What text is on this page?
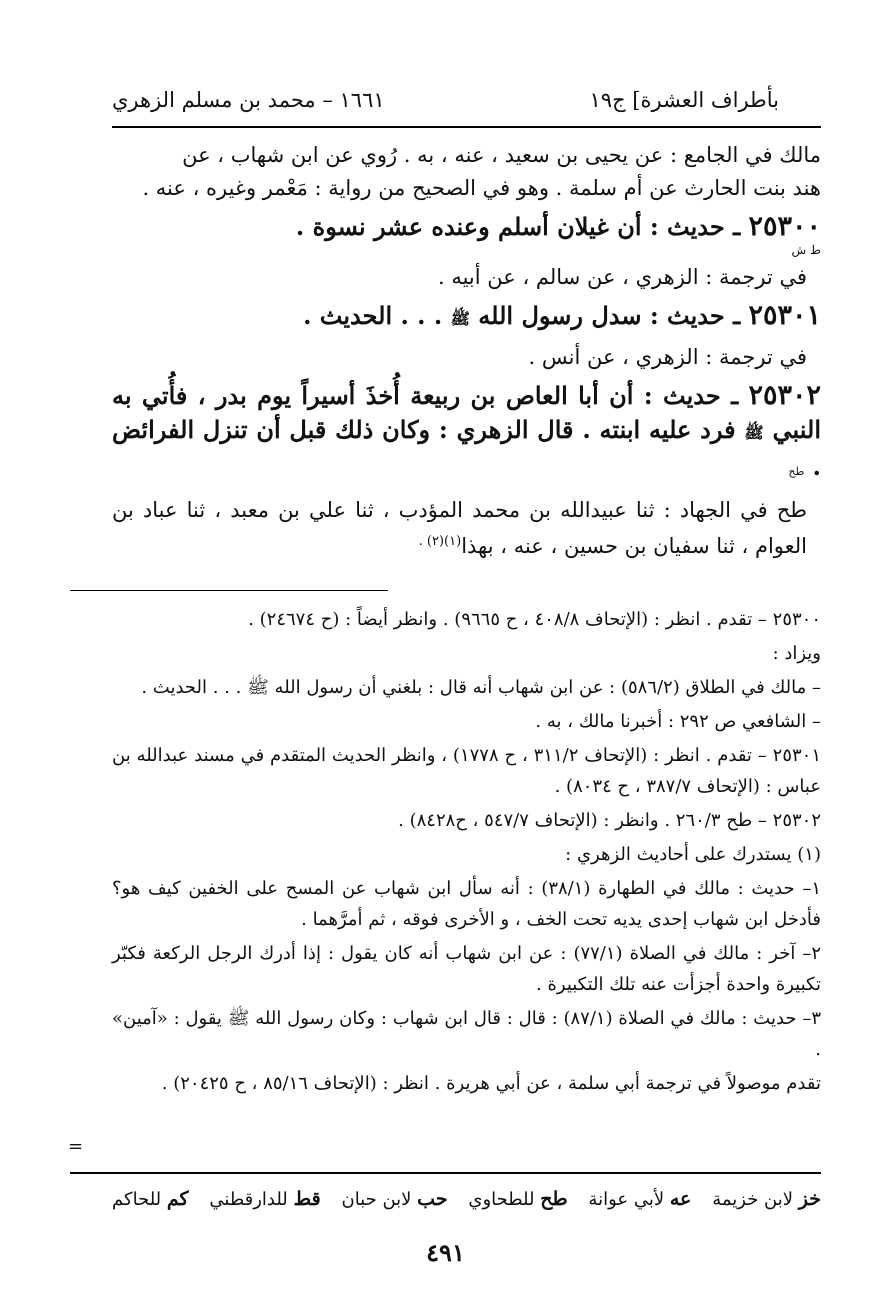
بأطراف العشرة] ج١٩
١٦٦١ – محمد بن مسلم الزهري

مالك في الجامع : عن يحيى بن سعيد ، عنه ، به . رُوي عن ابن شهاب ، عن

هند بنت الحارث عن أم سلمة . وهو في الصحيح من رواية : مَعْمر وغيره ، عنه .

٢٥٣٠٠ ـ حديث : أن غيلان أسلم وعنده عشر نسوة .
ط ش

في ترجمة : الزهري ، عن سالم ، عن أبيه .

٢٥٣٠١ ـ حديث : سدل رسول الله ﷺ . . . الحديث .

في ترجمة : الزهري ، عن أنس .

٢٥٣٠٢ ـ حديث : أن أبا العاص بن ربيعة أُخذَ أسيراً يوم بدر ، فأُتي به النبي ﷺ فرد عليه ابنته . قال الزهري : وكان ذلك قبل أن تنزل الفرائض . طح

طح في الجهاد : ثنا عبيدالله بن محمد المؤدب ، ثنا علي بن معبد ، ثنا عباد بن العوام ، ثنا سفيان بن حسين ، عنه ، بهذا$^{(١)(٢) .}$

٢٥٣٠٠ – تقدم . انظر : (الإتحاف ٤٠٨/٨ ، ح ٩٦٦٥) . وانظر أيضاً : (ح ٢٤٦٧٤) .

ويزاد :

– مالك في الطلاق (٥٨٦/٢) : عن ابن شهاب أنه قال : بلغني أن رسول الله ﷺ . . . الحديث .

– الشافعي ص ٢٩٢ : أخبرنا مالك ، به .

٢٥٣٠١ – تقدم . انظر : (الإتحاف ٣١١/٢ ، ح ١٧٧٨) ، وانظر الحديث المتقدم في مسند عبدالله بن عباس : (الإتحاف ٣٨٧/٧ ، ح ٨٠٣٤) .

٢٥٣٠٢ – طح ٢٦٠/٣ . وانظر : (الإتحاف ٥٤٧/٧ ، ح٨٤٢٨) .

(١) يستدرك على أحاديث الزهري :

١– حديث : مالك في الطهارة (٣٨/١) : أنه سأل ابن شهاب عن المسح على الخفين كيف هو؟ فأدخل ابن شهاب إحدى يديه تحت الخف ، و الأخرى فوقه ، ثم أمرَّهما .

٢– آخر : مالك في الصلاة (٧٧/١) : عن ابن شهاب أنه كان يقول : إذا أدرك الرجل الركعة فكبّر تكبيرة واحدة أجزأت عنه تلك التكبيرة .

٣– حديث : مالك في الصلاة (٨٧/١) : قال : قال ابن شهاب : وكان رسول الله ﷺ يقول : «آمين» .

تقدم موصولاً في ترجمة أبي سلمة ، عن أبي هريرة . انظر : (الإتحاف ٨٥/١٦ ، ح ٢٠٤٢٥) .

=
خز لابن خزيمة
عه لأبي عوانة
طح للطحاوي
حب لابن حبان
قط للدارقطني
كم للحاكم
٤٩١
